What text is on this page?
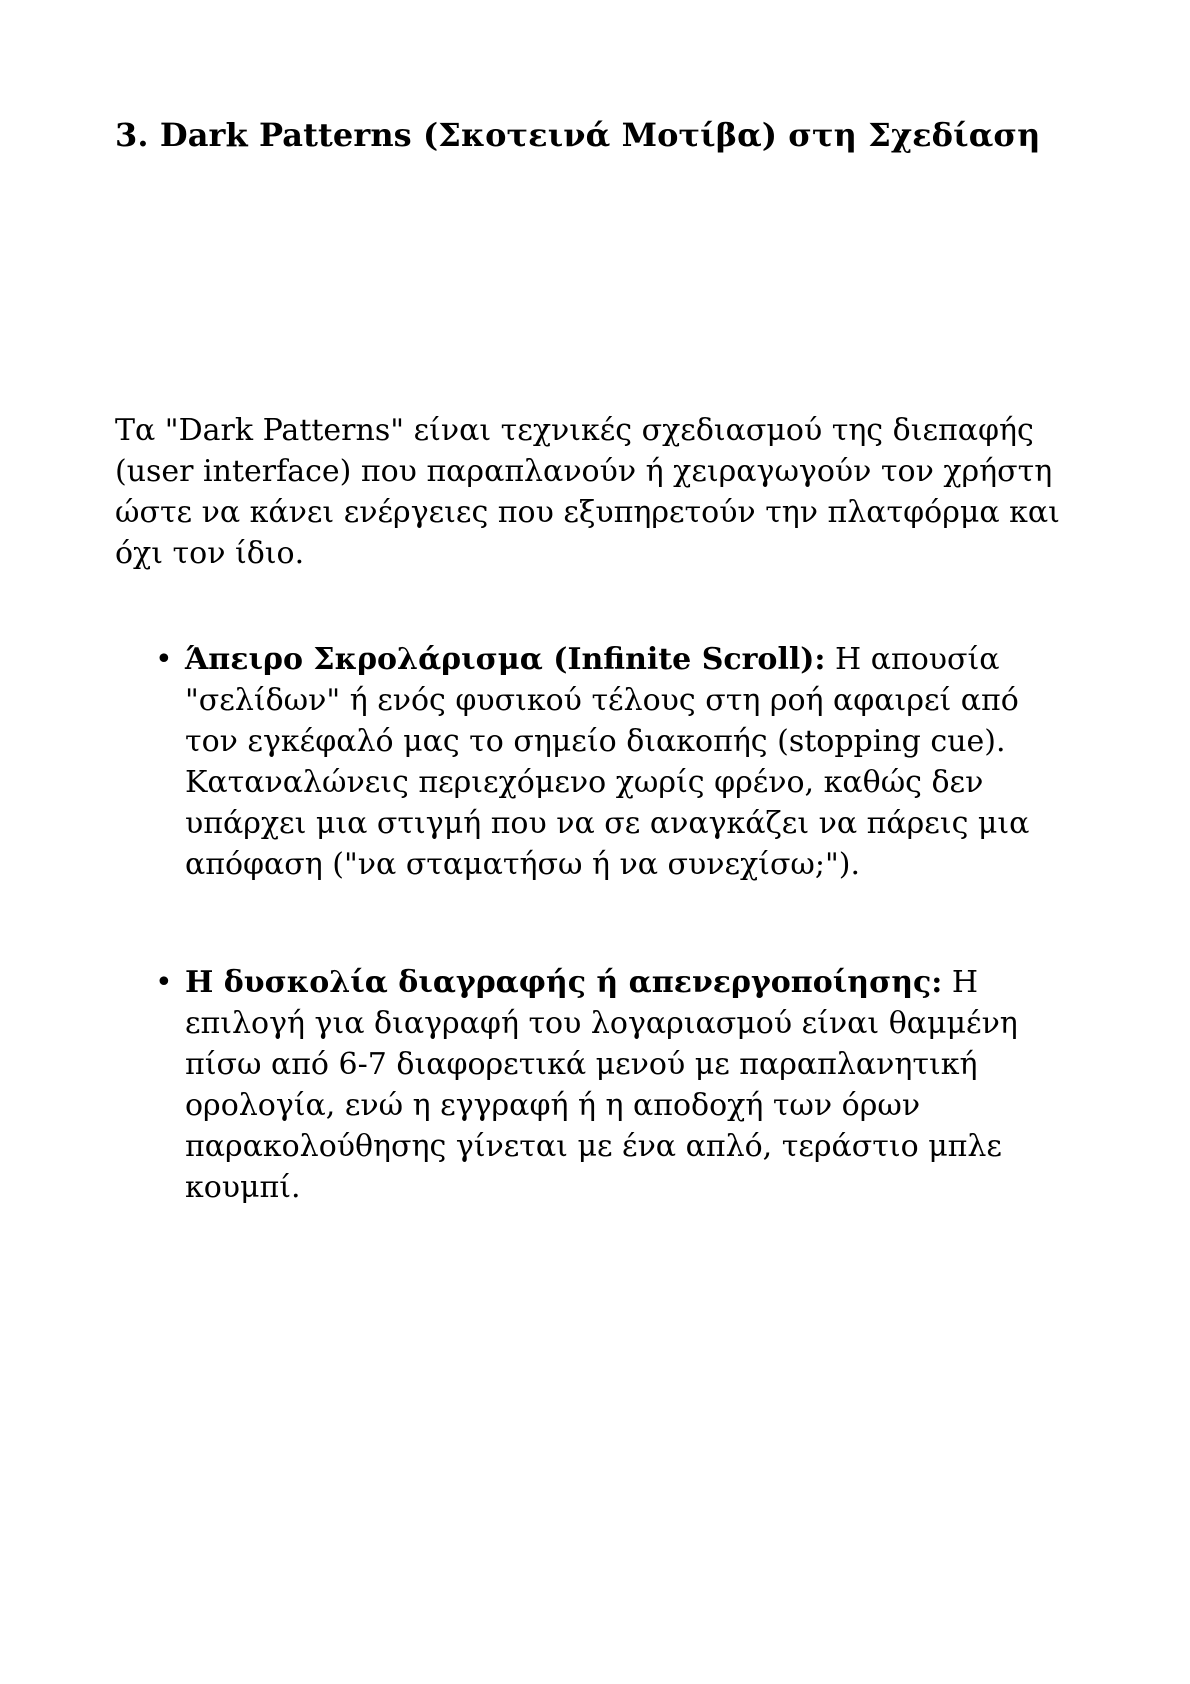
3. Dark Patterns (Σκοτεινά Μοτίβα) στη Σχεδίαση

Τα "Dark Patterns" είναι τεχνικές σχεδιασμού της διεπαφής (user interface) που παραπλανούν ή χειραγωγούν τον χρήστη ώστε να κάνει ενέργειες που εξυπηρετούν την πλατφόρμα και όχι τον ίδιο.

• Άπειρο Σκρολάρισμα (Infinite Scroll): Η απουσία "σελίδων" ή ενός φυσικού τέλους στη ροή αφαιρεί από τον εγκέφαλό μας το σημείο διακοπής (stopping cue). Καταναλώνεις περιεχόμενο χωρίς φρένο, καθώς δεν υπάρχει μια στιγμή που να σε αναγκάζει να πάρεις μια απόφαση ("να σταματήσω ή να συνεχίσω;").
• Η δυσκολία διαγραφής ή απενεργοποίησης: Η επιλογή για διαγραφή του λογαριασμού είναι θαμμένη πίσω από 6-7 διαφορετικά μενού με παραπλανητική ορολογία, ενώ η εγγραφή ή η αποδοχή των όρων παρακολούθησης γίνεται με ένα απλό, τεράστιο μπλε κουμπί.
